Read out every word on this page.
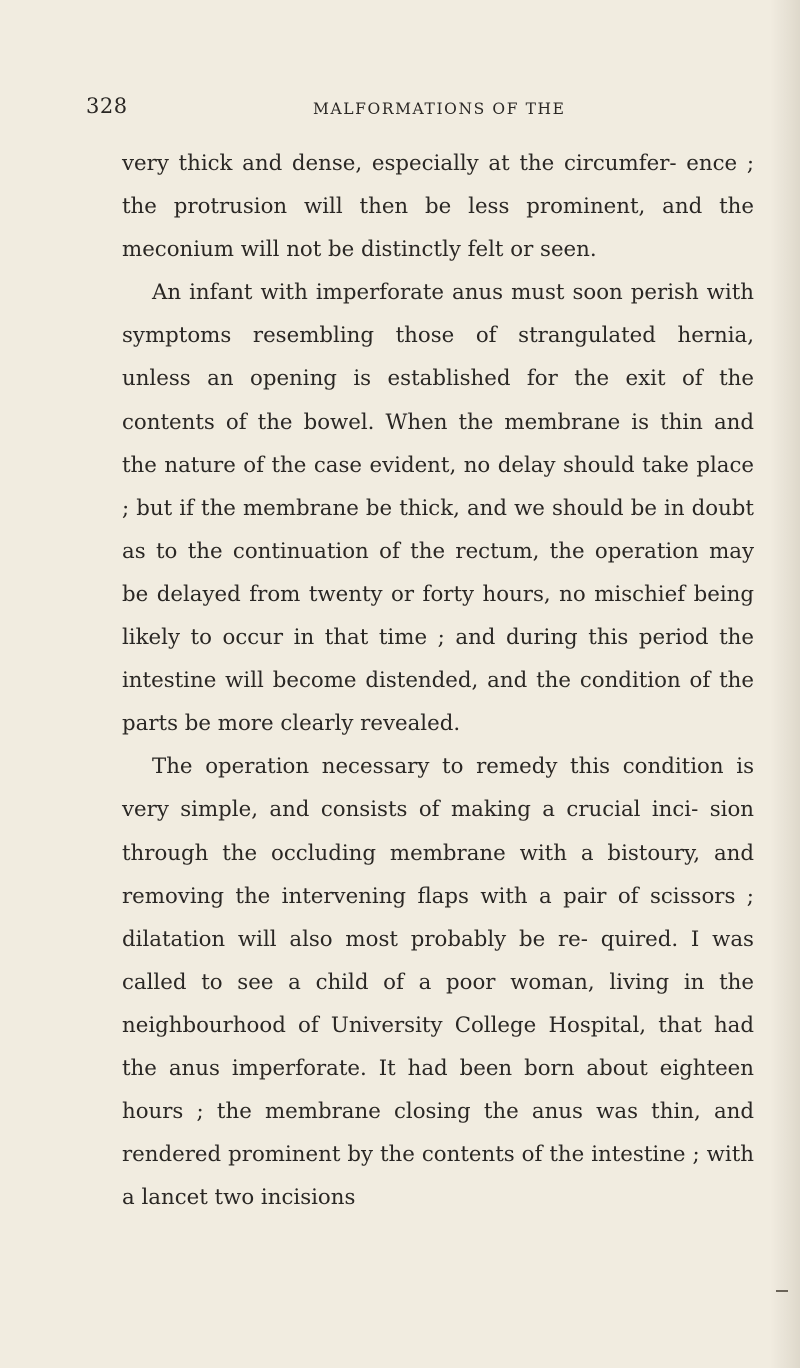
328	MALFORMATIONS OF THE

very thick and dense, especially at the circumfer- ence ; the protrusion will then be less prominent, and the meconium will not be distinctly felt or seen.

An infant with imperforate anus must soon perish with symptoms resembling those of strangulated hernia, unless an opening is established for the exit of the contents of the bowel. When the membrane is thin and the nature of the case evident, no delay should take place ; but if the membrane be thick, and we should be in doubt as to the continuation of the rectum, the operation may be delayed from twenty or forty hours, no mischief being likely to occur in that time ; and during this period the intestine will become distended, and the condition of the parts be more clearly revealed.

The operation necessary to remedy this condition is very simple, and consists of making a crucial inci- sion through the occluding membrane with a bistoury, and removing the intervening flaps with a pair of scissors ; dilatation will also most probably be re- quired. I was called to see a child of a poor woman, living in the neighbourhood of University College Hospital, that had the anus imperforate. It had been born about eighteen hours ; the membrane closing the anus was thin, and rendered prominent by the contents of the intestine ; with a lancet two incisions
